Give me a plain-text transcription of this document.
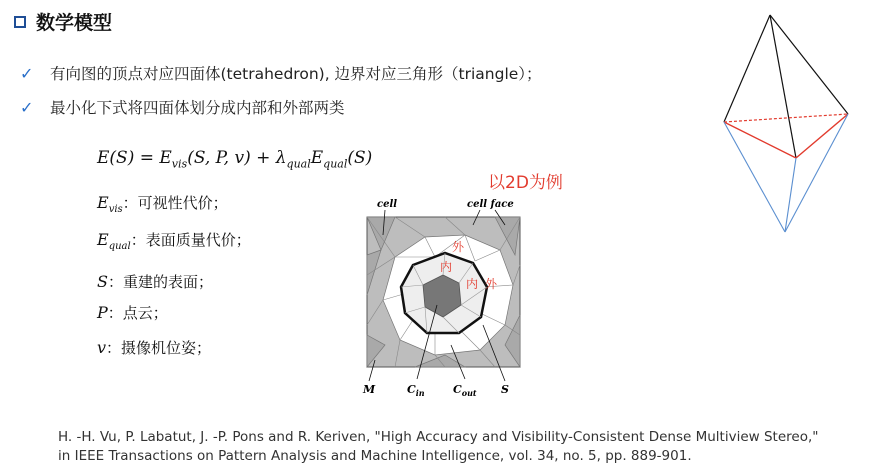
数学模型
✓ 有向图的顶点对应四面体(tetrahedron), 边界对应三角形（triangle）；
✓ 最小化下式将四面体划分成内部和外部两类
$E(S) = E_{vis}(S$, P, $v) + \lambda_{qual}E_{qual}(S)$
$E_{vis}$：可视性代价；
$E_{qual}$：表面质量代价；
S：重建的表面；
P：点云；
v：摄像机位姿；
以2D为例
cell	cell face
M	$C_{in}$	$C_{out}$ S
外
内
内 外
H. -H. Vu, P. Labatut, J. -P. Pons and R. Keriven, "High Accuracy and Visibility-Consistent Dense Multiview Stereo,"
in IEEE Transactions on Pattern Analysis and Machine Intelligence, vol. 34, no. 5, pp. 889-901.
